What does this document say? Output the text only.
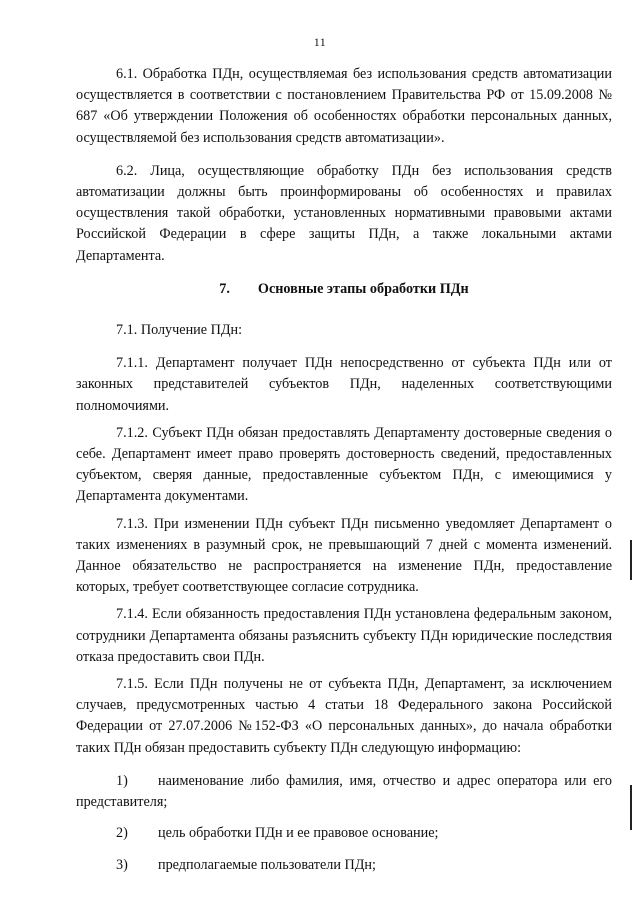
11

6.1. Обработка ПДн, осуществляемая без использования средств автоматизации осуществляется в соответствии с постановлением Правительства РФ от 15.09.2008 № 687 «Об утверждении Положения об особенностях обработки персональных данных, осуществляемой без использования средств автоматизации».

6.2. Лица, осуществляющие обработку ПДн без использования средств автоматизации должны быть проинформированы об особенностях и правилах осуществления такой обработки, установленных нормативными правовыми актами Российской Федерации в сфере защиты ПДн, а также локальными актами Департамента.

7. Основные этапы обработки ПДн

7.1. Получение ПДн:

7.1.1. Департамент получает ПДн непосредственно от субъекта ПДн или от законных представителей субъектов ПДн, наделенных соответствующими полномочиями.

7.1.2. Субъект ПДн обязан предоставлять Департаменту достоверные сведения о себе. Департамент имеет право проверять достоверность сведений, предоставленных субъектом, сверяя данные, предоставленные субъектом ПДн, с имеющимися у Департамента документами.

7.1.3. При изменении ПДн субъект ПДн письменно уведомляет Департамент о таких изменениях в разумный срок, не превышающий 7 дней с момента изменений. Данное обязательство не распространяется на изменение ПДн, предоставление которых, требует соответствующее согласие сотрудника.

7.1.4. Если обязанность предоставления ПДн установлена федеральным законом, сотрудники Департамента обязаны разъяснить субъекту ПДн юридические последствия отказа предоставить свои ПДн.

7.1.5. Если ПДн получены не от субъекта ПДн, Департамент, за исключением случаев, предусмотренных частью 4 статьи 18 Федерального закона Российской Федерации от 27.07.2006 №152-ФЗ «О персональных данных», до начала обработки таких ПДн обязан предоставить субъекту ПДн следующую информацию:

1) наименование либо фамилия, имя, отчество и адрес оператора или его представителя;

2) цель обработки ПДн и ее правовое основание;

3) предполагаемые пользователи ПДн;
